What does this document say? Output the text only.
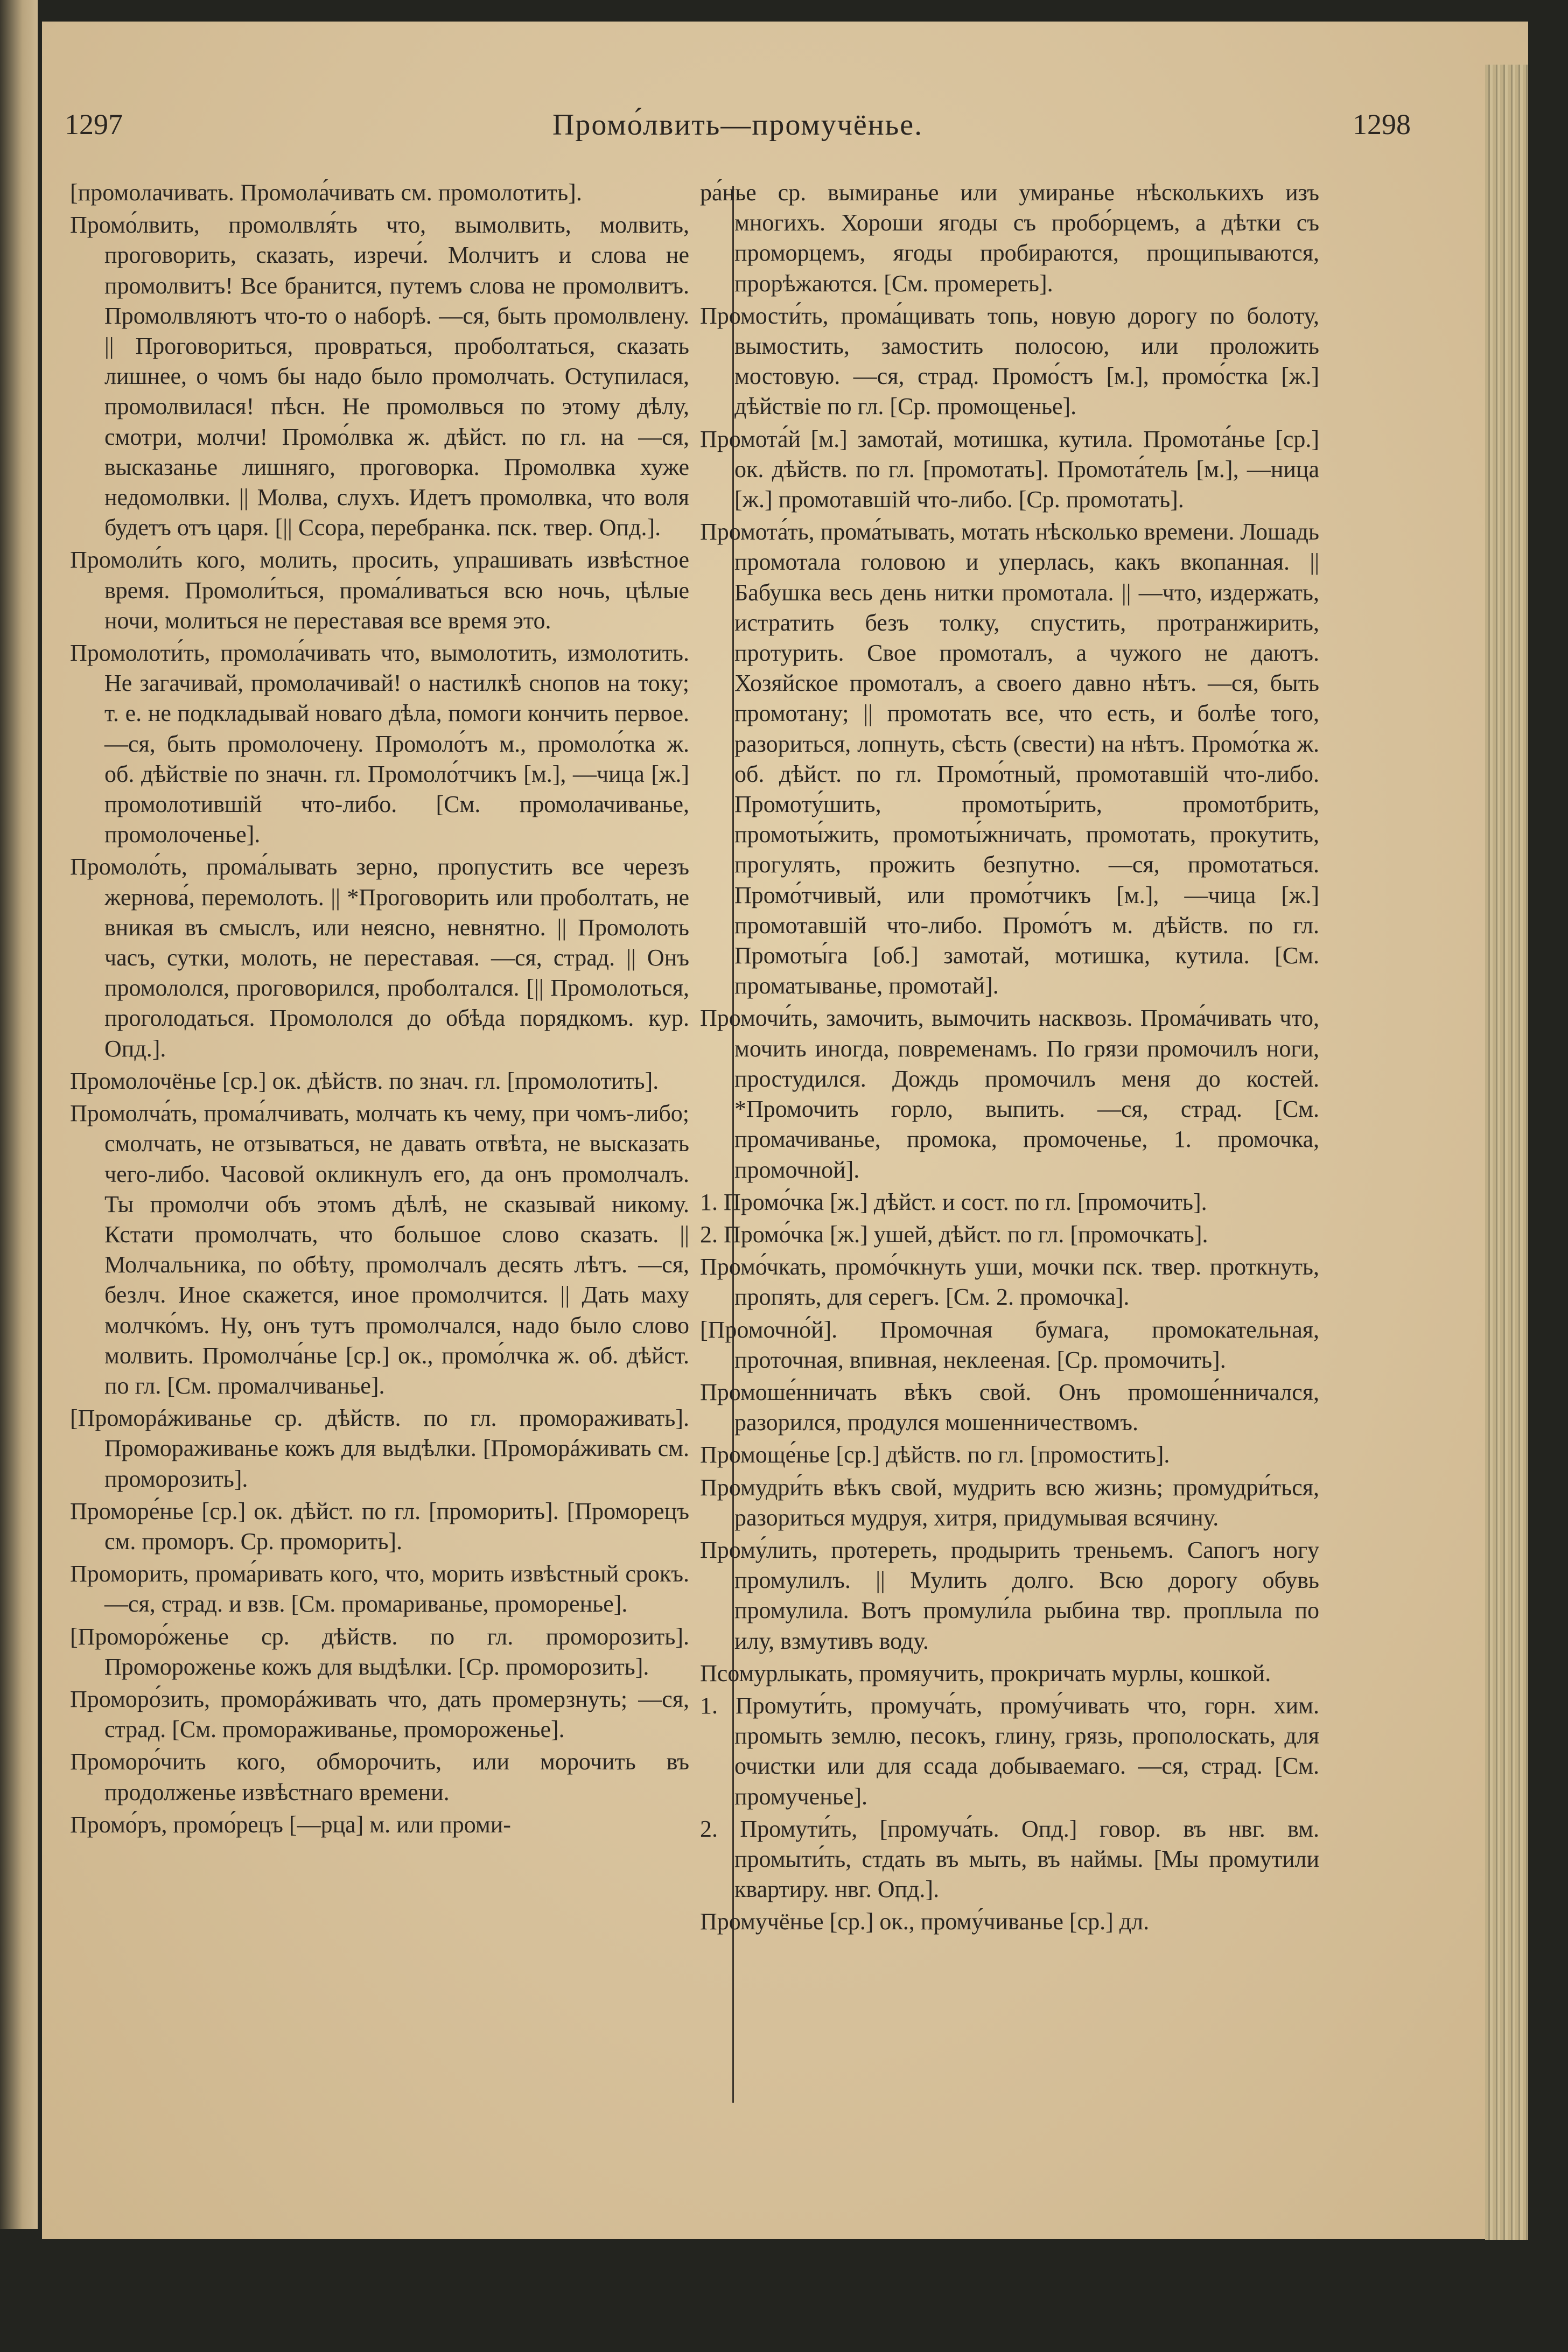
1297	Промо́лвить—промучёнье.	1298

[промолачивать. Промола́чивать см. промолотить].

Промо́лвить, промолвля́ть что, вымолвить, молвить, проговорить, сказать, изречи́. Молчитъ и слова не промолвитъ! Все бранится, путемъ слова не промолвитъ. Промолвляютъ что-то о наборѣ. —ся, быть промолвлену. || Проговориться, проврaться, проболтаться, сказать лишнее, о чомъ бы надо было промолчать. Оступилася, промолвилася! пѣсн. Не промолвься по этому дѣлу, смотри, молчи! Промо́лвка ж. дѣйст. по гл. на —ся, высказанье лишняго, проговорка. Промолвка хуже недомолвки. || Молва, слухъ. Идетъ промолвка, что воля будетъ отъ царя. [|| Ссора, перебранка. пск. твер. Опд.].

Промоли́ть кого, молить, просить, упрашивать извѣстное время. Промоли́ться, прома́ливаться всю ночь, цѣлые ночи, молиться не переставая все время это.

Промолоти́ть, промола́чивать что, вымолотить, измолотить. Не загачивай, промолачивай! о настилкѣ снопов на току; т. е. не подкладывай новаго дѣла, помоги кончить первое. —ся, быть промолочену. Промоло́тъ м., промоло́тка ж. об. дѣйствіе по значн. гл. Промоло́тчикъ [м.], —чица [ж.] промолотившій что-либо. [См. промолачиванье, промолоченье].

Промоло́ть, прома́лывать зерно, пропустить все черезъ жернова́, перемолоть. || *Проговорить или проболтать, не вникая въ смыслъ, или неясно, невнятно. || Промолоть часъ, сутки, молоть, не переставая. —ся, страд. || Онъ промололся, проговорился, проболтался. [|| Промолоться, проголодаться. Промололся до обѣда порядкомъ. кур. Опд.].

Промолочёнье [ср.] ок. дѣйств. по знач. гл. [промолотить].

Промолча́ть, прома́лчивать, молчать къ чему, при чомъ-либо; смолчать, не отзываться, не давать отвѣта, не высказать чего-либо. Часовой окликнулъ его, да онъ промолчалъ. Ты промолчи объ этомъ дѣлѣ, не сказывай никому. Кстати промолчать, что большое слово сказать. || Молчальника, по обѣту, промолчалъ десять лѣтъ. —ся, безлч. Иное скажется, иное промолчится. || Дать маху молчко́мъ. Ну, онъ тутъ промолчался, надо было слово молвить. Промолча́нье [ср.] ок., промо́лчка ж. об. дѣйст. по гл. [См. промалчиванье].

[Проморáживанье ср. дѣйств. по гл. проморaживать]. Проморaживанье кожъ для выдѣлки. [Проморáживать см. проморозить].

Проморе́нье [ср.] ок. дѣйст. по гл. [проморить]. [Проморецъ см. проморъ. Ср. проморить].

Проморить, прома́ривать кого, что, морить извѣстный срокъ. —ся, страд. и взв. [См. промариванье, проморенье].

[Проморо́женье ср. дѣйств. по гл. проморозить]. Проморoженье кожъ для выдѣлки. [Ср. проморозить].

Проморо́зить, проморáживать что, дать промерзнуть; —ся, страд. [См. проморaживанье, проморoженье].

Проморо́чить кого, обморочить, или морочить въ продолженье извѣстнаго времени.

Промо́ръ, промо́рецъ [—рца] м. или проми-

ра́нье ср. вымиранье или умиранье нѣсколькихъ изъ многихъ. Хороши ягоды съ пробо́рцемъ, а дѣтки съ проморцемъ, ягоды пробираются, прощипываются, прорѣжаются. [См. промереть].

Промости́ть, прома́щивать топь, новую дорогу по болоту, вымостить, замостить полосою, или проложить мостовую. —ся, страд. Промо́стъ [м.], промо́стка [ж.] дѣйствіе по гл. [Ср. промощенье].

Промота́й [м.] замотай, мотишка, кутила. Промота́нье [ср.] ок. дѣйств. по гл. [промотать]. Промота́тель [м.], —ница [ж.] промотавшій что-либо. [Ср. промотать].

Промота́ть, прома́тывать, мотать нѣсколько времени. Лошадь промотала головою и уперлась, какъ вкопанная. || Бабушка весь день нитки промотала. || —что, издержать, истратить безъ толку, спустить, протранжирить, протурить. Свое промоталъ, а чужого не даютъ. Хозяйское промоталъ, а своего давно нѣтъ. —ся, быть промотану; || промотать все, что есть, и болѣе того, разориться, лопнуть, сѣсть (свести) на нѣтъ. Промо́тка ж. об. дѣйст. по гл. Промо́тный, промотавшій что-либо. Промоту́шить, промоты́рить, промотбрить, промоты́жить, промоты́жничать, промотать, прокутить, прогулять, прожить безпутно. —ся, промотаться. Промо́тчивый, или промо́тчикъ [м.], —чица [ж.] промотавшій что-либо. Промо́тъ м. дѣйств. по гл. Промоты́га [об.] замотай, мотишка, кутила. [См. проматыванье, промотай].

Промочи́ть, замочить, вымочить насквозь. Прома́чивать что, мочить иногда, повременамъ. По грязи промочилъ ноги, простудился. Дождь промочилъ меня до костей. *Промочить горло, выпить. —ся, страд. [См. промачиванье, промока, промоченье, 1. промочка, промочной].

1. Промо́чка [ж.] дѣйст. и сост. по гл. [промочить].

2. Промо́чка [ж.] ушей, дѣйст. по гл. [промочкать].

Промо́чкать, промо́чкнуть уши, мочки пск. твер. проткнуть, пропять, для серегъ. [См. 2. промочка].

[Промочно́й]. Промочная бумага, промокательная, проточная, впивная, неклееная. [Ср. промочить].

Промоше́нничать вѣкъ свой. Онъ промоше́нничался, разорился, продулся мошенничествомъ.

Промоще́нье [ср.] дѣйств. по гл. [промостить].

Промудри́ть вѣкъ свой, мудрить всю жизнь; промудри́ться, разориться мудруя, хитря, придумывая всячину.

Прому́лить, протереть, продырить треньемъ. Сапогъ ногу промулилъ. || Мулить долго. Всю дорогу обувь промулила. Вотъ промули́ла рыбина твр. проплыла по илу, взмутивъ воду.

Псомурлыкать, промяучить, прокричать мурлы, кошкой.

1. Промути́ть, промуча́ть, прому́чивать что, горн. хим. промыть землю, песокъ, глину, грязь, прополоскать, для очистки или для ссада добываемаго. —ся, страд. [См. промученье].

2. Промути́ть, [промуча́ть. Опд.] говор. въ нвг. вм. промыти́ть, стдать въ мыть, въ наймы. [Мы промутили квартиру. нвг. Опд.].

Промучёнье [ср.] ок., прому́чиванье [ср.] дл.
